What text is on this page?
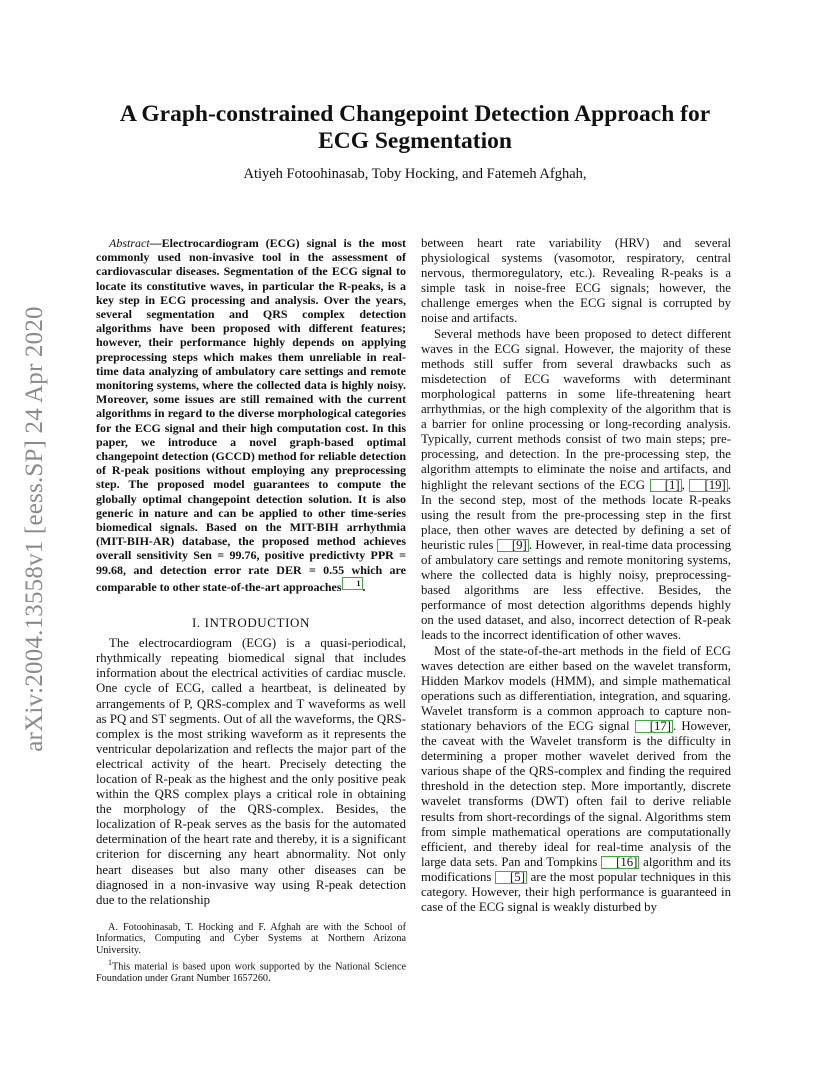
arXiv:2004.13558v1 [eess.SP] 24 Apr 2020
A Graph-constrained Changepoint Detection Approach for
ECG Segmentation
Atiyeh Fotoohinasab, Toby Hocking, and Fatemeh Afghah,

Abstract—Electrocardiogram (ECG) signal is the most commonly used non-invasive tool in the assessment of cardiovascular diseases. Segmentation of the ECG signal to locate its constitutive waves, in particular the R-peaks, is a key step in ECG processing and analysis. Over the years, several segmentation and QRS complex detection algorithms have been proposed with different features; however, their performance highly depends on applying preprocessing steps which makes them unreliable in real-time data analyzing of ambulatory care settings and remote monitoring systems, where the collected data is highly noisy. Moreover, some issues are still remained with the current algorithms in regard to the diverse morphological categories for the ECG signal and their high computation cost. In this paper, we introduce a novel graph-based optimal changepoint detection (GCCD) method for reliable detection of R-peak positions without employing any preprocessing step. The proposed model guarantees to compute the globally optimal changepoint detection solution. It is also generic in nature and can be applied to other time-series biomedical signals. Based on the MIT-BIH arrhythmia (MIT-BIH-AR) database, the proposed method achieves overall sensitivity Sen = 99.76, positive predictivty PPR = 99.68, and detection error rate DER = 0.55 which are comparable to other state-of-the-art approaches $^1$ .

I. INTRODUCTION

The electrocardiogram (ECG) is a quasi-periodical, rhythmically repeating biomedical signal that includes information about the electrical activities of cardiac muscle. One cycle of ECG, called a heartbeat, is delineated by arrangements of P, QRS-complex and T waveforms as well as PQ and ST segments. Out of all the waveforms, the QRS-complex is the most striking waveform as it represents the ventricular depolarization and reflects the major part of the electrical activity of the heart. Precisely detecting the location of R-peak as the highest and the only positive peak within the QRS complex plays a critical role in obtaining the morphology of the QRS-complex. Besides, the localization of R-peak serves as the basis for the automated determination of the heart rate and thereby, it is a significant criterion for discerning any heart abnormality. Not only heart diseases but also many other diseases can be diagnosed in a non-invasive way using R-peak detection due to the relationship

A. Fotoohinasab, T. Hocking and F. Afghah are with the School of Informatics, Computing and Cyber Systems at Northern Arizona University.

$^1$This material is based upon work supported by the National Science Foundation under Grant Number 1657260.

between heart rate variability (HRV) and several physiological systems (vasomotor, respiratory, central nervous, thermoregulatory, etc.). Revealing R-peaks is a simple task in noise-free ECG signals; however, the challenge emerges when the ECG signal is corrupted by noise and artifacts.

Several methods have been proposed to detect different waves in the ECG signal. However, the majority of these methods still suffer from several drawbacks such as misdetection of ECG waveforms with determinant morphological patterns in some life-threatening heart arrhythmias, or the high complexity of the algorithm that is a barrier for online processing or long-recording analysis. Typically, current methods consist of two main steps; pre-processing, and detection. In the pre-processing step, the algorithm attempts to eliminate the noise and artifacts, and highlight the relevant sections of the ECG [1] , [19] . In the second step, most of the methods locate R-peaks using the result from the pre-processing step in the first place, then other waves are detected by defining a set of heuristic rules [9] . However, in real-time data processing of ambulatory care settings and remote monitoring systems, where the collected data is highly noisy, preprocessing-based algorithms are less effective. Besides, the performance of most detection algorithms depends highly on the used dataset, and also, incorrect detection of R-peak leads to the incorrect identification of other waves.

Most of the state-of-the-art methods in the field of ECG waves detection are either based on the wavelet transform, Hidden Markov models (HMM), and simple mathematical operations such as differentiation, integration, and squaring. Wavelet transform is a common approach to capture non-stationary behaviors of the ECG signal [17] . However, the caveat with the Wavelet transform is the difficulty in determining a proper mother wavelet derived from the various shape of the QRS-complex and finding the required threshold in the detection step. More importantly, discrete wavelet transforms (DWT) often fail to derive reliable results from short-recordings of the signal. Algorithms stem from simple mathematical operations are computationally efficient, and thereby ideal for real-time analysis of the large data sets. Pan and Tompkins [16] algorithm and its modifications [5] are the most popular techniques in this category. However, their high performance is guaranteed in case of the ECG signal is weakly disturbed by
